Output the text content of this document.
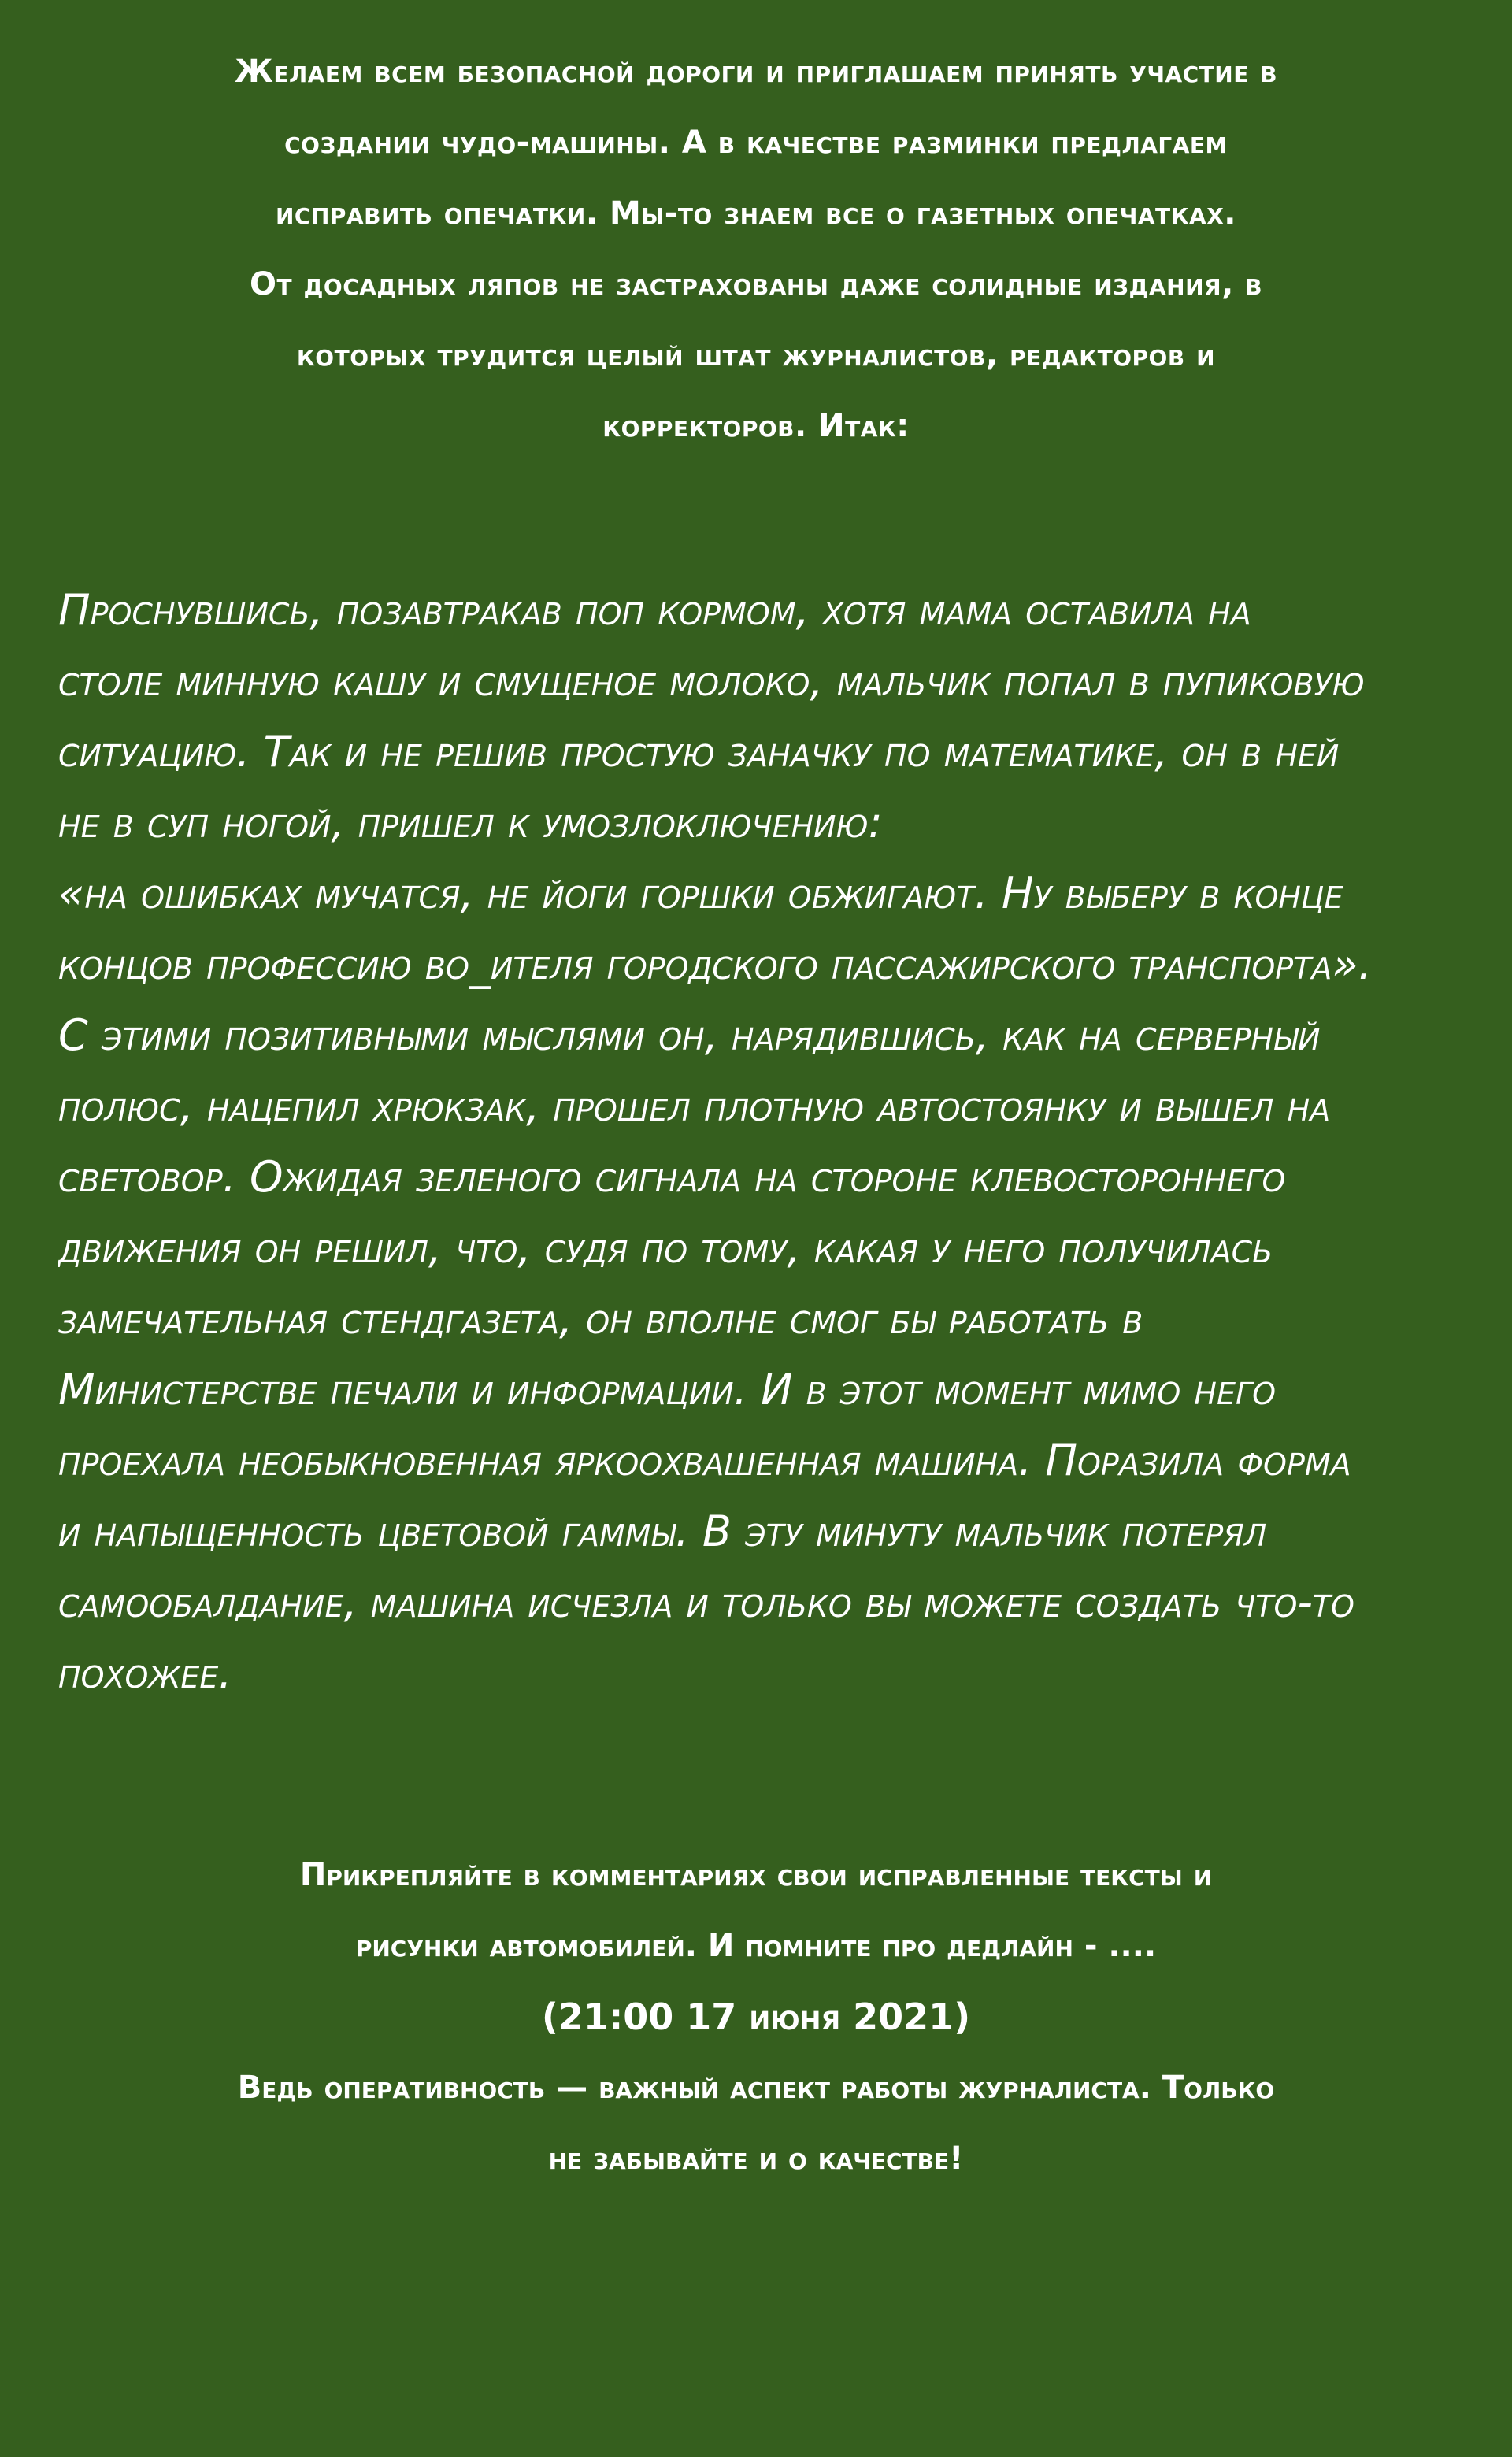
Желаем всем безопасной дороги и приглашаем принять участие в
создании чудо-машины. А в качестве разминки предлагаем
исправить опечатки. Мы-то знаем все о газетных опечатках.
От досадных ляпов не застрахованы даже солидные издания, в
которых трудится целый штат журналистов, редакторов и
корректоров. Итак:
Проснувшись, позавтракав поп кормом, хотя мама оставила на
столе минную кашу и смущеное молоко, мальчик попал в пупиковую
ситуацию. Так и не решив простую заначку по математике, он в ней
не в суп ногой, пришел к умозлоключению:
«на ошибках мучатся, не йоги горшки обжигают. Ну выберу в конце
концов профессию во_ителя городского пассажирского транспорта».
С этими позитивными мыслями он, нарядившись, как на серверный
полюс, нацепил хрюкзак, прошел плотную автостоянку и вышел на
световор. Ожидая зеленого сигнала на стороне клевостороннего
движения он решил, что, судя по тому, какая у него получилась
замечательная стендгазета, он вполне смог бы работать в
Министерстве печали и информации. И в этот момент мимо него
проехала необыкновенная яркоохвашенная машина. Поразила форма
и напыщенность цветовой гаммы. В эту минуту мальчик потерял
самообалдание, машина исчезла и только вы можете создать что-то
похожее.
Прикрепляйте в комментариях свои исправленные тексты и
рисунки автомобилей. И помните про дедлайн - ....
(21:00 17 июня 2021)
Ведь оперативность — важный аспект работы журналиста. Только
не забывайте и о качестве!
